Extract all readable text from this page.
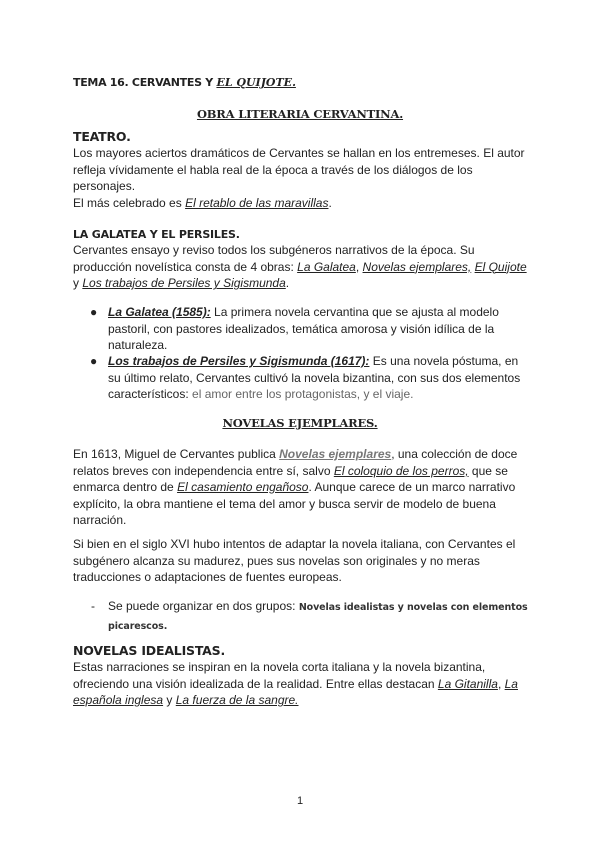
TEMA 16. CERVANTES Y EL QUIJOTE.
OBRA LITERARIA CERVANTINA.
TEATRO.
Los mayores aciertos dramáticos de Cervantes se hallan en los entremeses. El autor refleja vívidamente el habla real de la época a través de los diálogos de los personajes.
El más celebrado es El retablo de las maravillas.
LA GALATEA Y EL PERSILES.
Cervantes ensayo y reviso todos los subgéneros narrativos de la época. Su producción novelística consta de 4 obras: La Galatea, Novelas ejemplares, El Quijote y Los trabajos de Persiles y Sigismunda.
● La Galatea (1585): La primera novela cervantina que se ajusta al modelo pastoril, con pastores idealizados, temática amorosa y visión idílica de la naturaleza.
● Los trabajos de Persiles y Sigismunda (1617): Es una novela póstuma, en su último relato, Cervantes cultivó la novela bizantina, con sus dos elementos característicos: el amor entre los protagonistas, y el viaje.
NOVELAS EJEMPLARES.
En 1613, Miguel de Cervantes publica Novelas ejemplares, una colección de doce relatos breves con independencia entre sí, salvo El coloquio de los perros, que se enmarca dentro de El casamiento engañoso. Aunque carece de un marco narrativo explícito, la obra mantiene el tema del amor y busca servir de modelo de buena narración.
Si bien en el siglo XVI hubo intentos de adaptar la novela italiana, con Cervantes el subgénero alcanza su madurez, pues sus novelas son originales y no meras traducciones o adaptaciones de fuentes europeas.
- Se puede organizar en dos grupos: Novelas idealistas y novelas con elementos picarescos.
NOVELAS IDEALISTAS.
Estas narraciones se inspiran en la novela corta italiana y la novela bizantina, ofreciendo una visión idealizada de la realidad. Entre ellas destacan La Gitanilla, La española inglesa y La fuerza de la sangre.
1
